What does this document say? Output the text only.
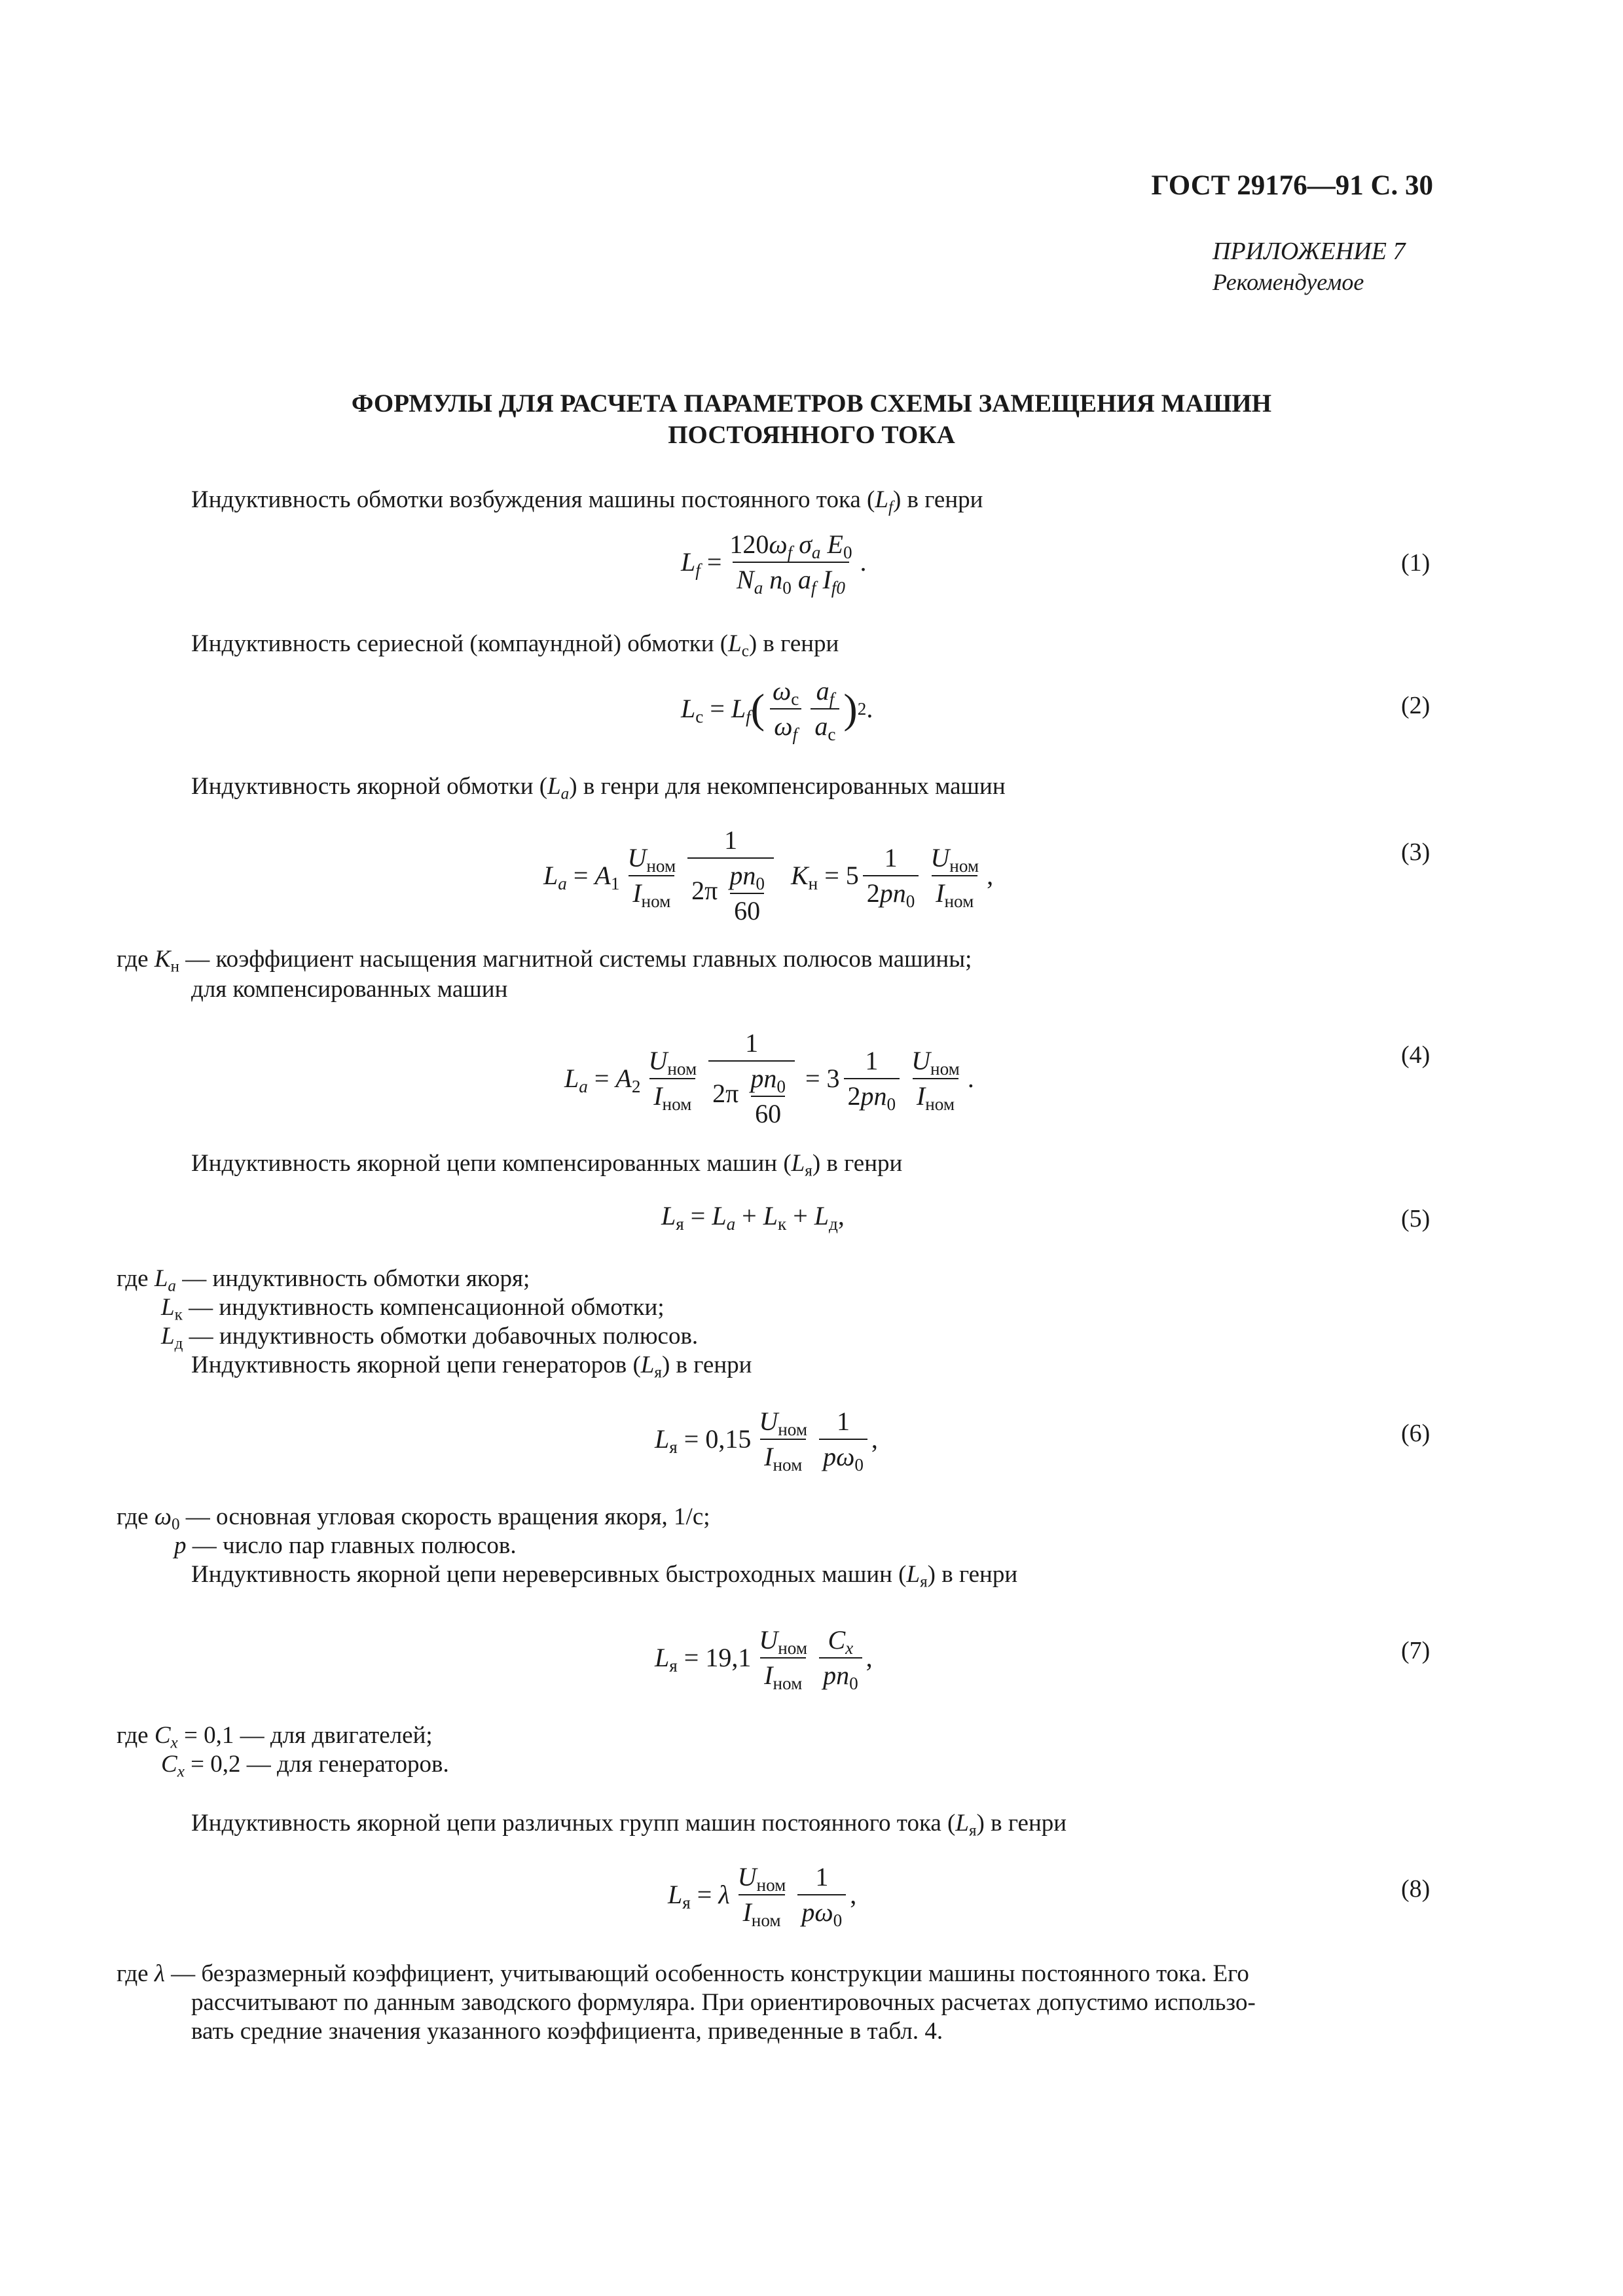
ГОСТ 29176—91 С. 30
ПРИЛОЖЕНИЕ 7
Рекомендуемое
ФОРМУЛЫ ДЛЯ РАСЧЕТА ПАРАМЕТРОВ СХЕМЫ ЗАМЕЩЕНИЯ МАШИН
ПОСТОЯННОГО ТОКА
Индуктивность обмотки возбуждения машины постоянного тока $(L_f)$ в генри
$L_f$
= $\frac{120\omega_f \sigma_a E_0}{N_a n_0 a_f I_{f0}}$ .	(1)
Индуктивность сериесной (компаундной) обмотки $(L_с)$ в генри
$L_с$
=
$L_f$ ( $\frac{\omega_с}{\omega_f} \frac{a_f}{a_с}$ ) 2 .	(2)
Индуктивность якорной обмотки $(L_a)$ в генри для некомпенсированных машин
$L_a$
=
$A_1 \frac{U_{ном}}{I_{ном}} \frac{1}{2\pi \frac{pn_0}{60}}$
$K_н$
=
$5 \frac{1}{2pn_0} \frac{U_{ном}}{I_{ном}}$ ,
(3)
где $K_н$ — коэффициент насыщения магнитной системы главных полюсов машины;
для компенсированных машин
$L_a$
=
$A_2 \frac{U_{ном}}{I_{ном}} \frac{1}{2\pi \frac{pn_0}{60}}$
=
$3 \frac{1}{2pn_0} \frac{U_{ном}}{I_{ном}}$ .
(4)
Индуктивность якорной цепи компенсированных машин $(L_я)$ в генри
$L_я$
=
$L_a$
+
$L_к$
+
$L_д$ ,	(5)
где $L_a$ — индуктивность обмотки якоря;
$L_к$ — индуктивность компенсационной обмотки;
$L_д$ — индуктивность обмотки добавочных полюсов.
Индуктивность якорной цепи генераторов $(L_я)$ в генри
$L_я$
=
$0,15 \frac{U_{ном}}{I_{ном}} \frac{1}{p\omega_0}$ ,	(6)
где $\omega_0$ — основная угловая скорость вращения якоря, 1/с;
p — число пар главных полюсов.
Индуктивность якорной цепи нереверсивных быстроходных машин $(L_я)$ в генри
$L_я$
=
$19,1 \frac{U_{ном}}{I_{ном}} \frac{C_x}{pn_0}$ ,	(7)
где $C_x = 0,1$ — для двигателей;
$C_x = 0,2$ — для генераторов.
Индуктивность якорной цепи различных групп машин постоянного тока $(L_я)$ в генри
$L_я$
=
λ $\frac{U_{ном}}{I_{ном}} \frac{1}{p\omega_0}$ ,	(8)
где λ — безразмерный коэффициент, учитывающий особенность конструкции машины постоянного тока. Его
рассчитывают по данным заводского формуляра. При ориентировочных расчетах допустимо использо-
вать средние значения указанного коэффициента, приведенные в табл. 4.
